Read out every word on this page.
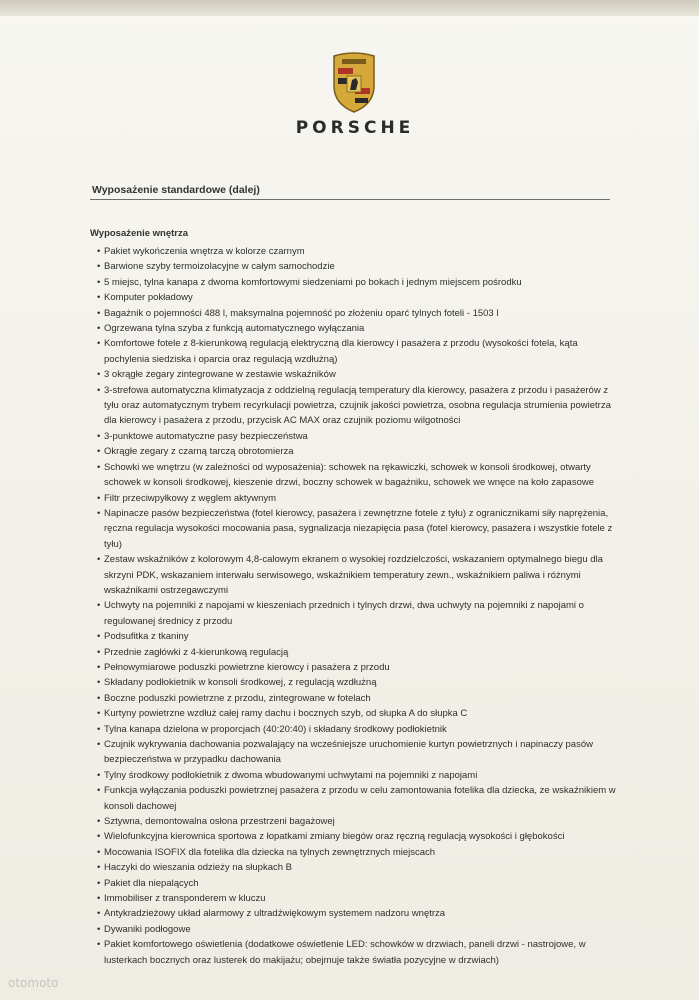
PORSCHE
Wyposażenie standardowe (dalej)
Wyposażenie wnętrza
• Pakiet wykończenia wnętrza w kolorze czarnym
• Barwione szyby termoizolacyjne w całym samochodzie
• 5 miejsc, tylna kanapa z dwoma komfortowymi siedzeniami po bokach i jednym miejscem pośrodku
• Komputer pokładowy
• Bagażnik o pojemności 488 l, maksymalna pojemność po złożeniu oparć tylnych foteli - 1503 l
• Ogrzewana tylna szyba z funkcją automatycznego wyłączania
• Komfortowe fotele z 8-kierunkową regulacją elektryczną dla kierowcy i pasażera z przodu (wysokości fotela, kąta pochylenia siedziska i oparcia oraz regulacją wzdłużną)
• 3 okrągłe zegary zintegrowane w zestawie wskaźników
• 3-strefowa automatyczna klimatyzacja z oddzielną regulacją temperatury dla kierowcy, pasażera z przodu i pasażerów z tyłu oraz automatycznym trybem recyrkulacji powietrza, czujnik jakości powietrza, osobna regulacja strumienia powietrza dla kierowcy i pasażera z przodu, przycisk AC MAX oraz czujnik poziomu wilgotności
• 3-punktowe automatyczne pasy bezpieczeństwa
• Okrągłe zegary z czarną tarczą obrotomierza
• Schowki we wnętrzu (w zależności od wyposażenia): schowek na rękawiczki, schowek w konsoli środkowej, otwarty schowek w konsoli środkowej, kieszenie drzwi, boczny schowek w bagażniku, schowek we wnęce na koło zapasowe
• Filtr przeciwpyłkowy z węglem aktywnym
• Napinacze pasów bezpieczeństwa (fotel kierowcy, pasażera i zewnętrzne fotele z tyłu) z ogranicznikami siły naprężenia, ręczna regulacja wysokości mocowania pasa, sygnalizacja niezapięcia pasa (fotel kierowcy, pasażera i wszystkie fotele z tyłu)
• Zestaw wskaźników z kolorowym 4,8-calowym ekranem o wysokiej rozdzielczości, wskazaniem optymalnego biegu dla skrzyni PDK, wskazaniem interwału serwisowego, wskaźnikiem temperatury zewn., wskaźnikiem paliwa i różnymi wskaźnikami ostrzegawczymi
• Uchwyty na pojemniki z napojami w kieszeniach przednich i tylnych drzwi, dwa uchwyty na pojemniki z napojami o regulowanej średnicy z przodu
• Podsufitka z tkaniny
• Przednie zagłówki z 4-kierunkową regulacją
• Pełnowymiarowe poduszki powietrzne kierowcy i pasażera z przodu
• Składany podłokietnik w konsoli środkowej, z regulacją wzdłużną
• Boczne poduszki powietrzne z przodu, zintegrowane w fotelach
• Kurtyny powietrzne wzdłuż całej ramy dachu i bocznych szyb, od słupka A do słupka C
• Tylna kanapa dzielona w proporcjach (40:20:40) i składany środkowy podłokietnik
• Czujnik wykrywania dachowania pozwalający na wcześniejsze uruchomienie kurtyn powietrznych i napinaczy pasów bezpieczeństwa w przypadku dachowania
• Tylny środkowy podłokietnik z dwoma wbudowanymi uchwytami na pojemniki z napojami
• Funkcja wyłączania poduszki powietrznej pasażera z przodu w celu zamontowania fotelika dla dziecka, ze wskaźnikiem w konsoli dachowej
• Sztywna, demontowalna osłona przestrzeni bagażowej
• Wielofunkcyjna kierownica sportowa z łopatkami zmiany biegów oraz ręczną regulacją wysokości i głębokości
• Mocowania ISOFIX dla fotelika dla dziecka na tylnych zewnętrznych miejscach
• Haczyki do wieszania odzieży na słupkach B
• Pakiet dla niepalących
• Immobiliser z transponderem w kluczu
• Antykradzieżowy układ alarmowy z ultradźwiękowym systemem nadzoru wnętrza
• Dywaniki podłogowe
• Pakiet komfortowego oświetlenia (dodatkowe oświetlenie LED: schowków w drzwiach, paneli drzwi - nastrojowe, w lusterkach bocznych oraz lusterek do makijażu; obejmuje także światła pozycyjne w drzwiach)
otomoto
